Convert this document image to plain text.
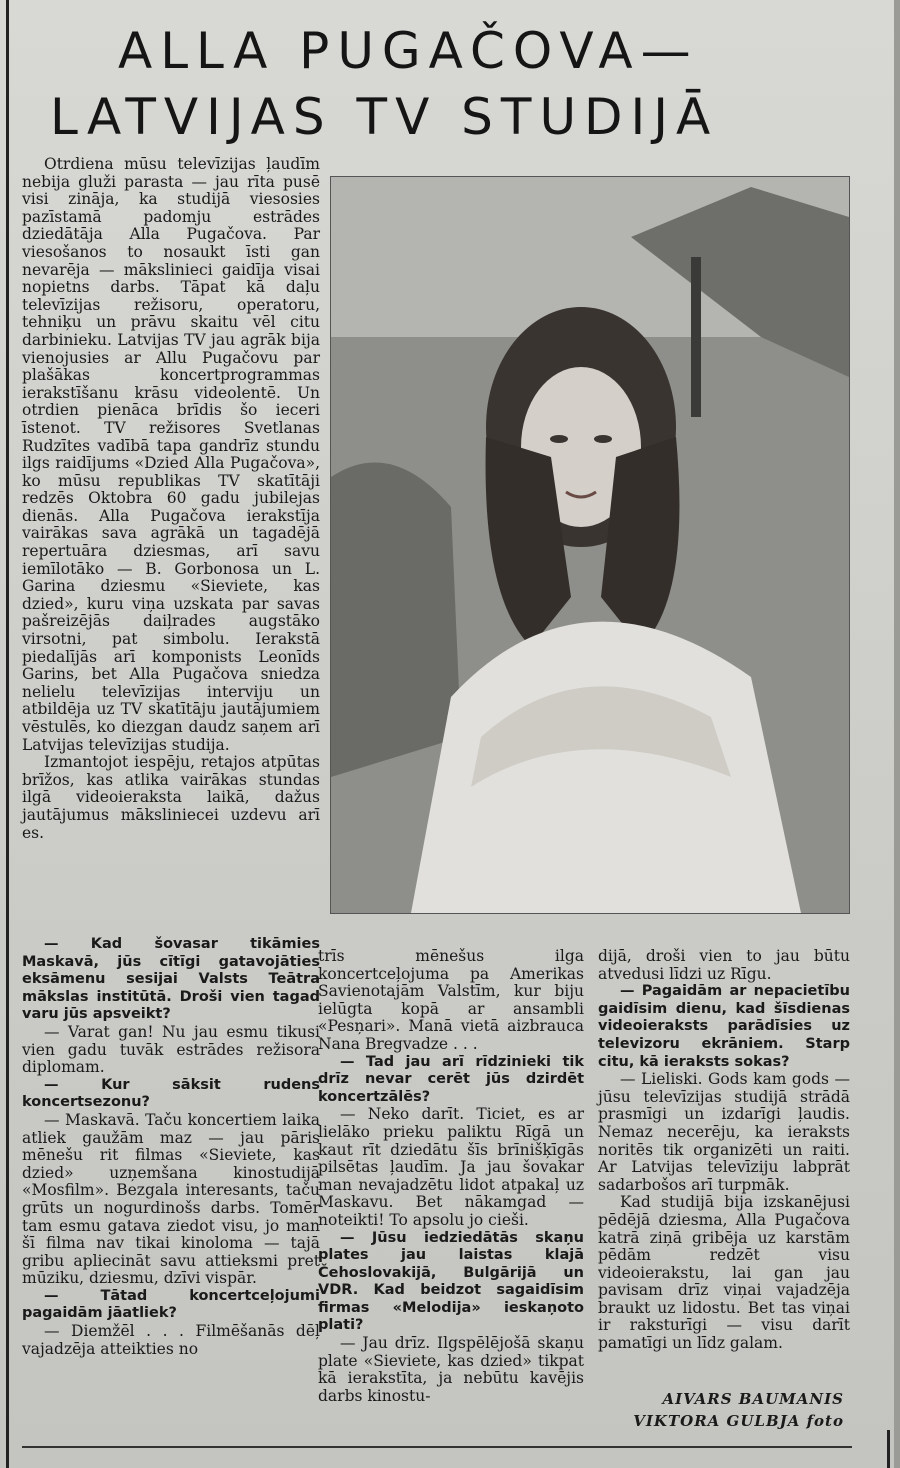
ALLA PUGAČOVA—
LATVIJAS TV STUDIJĀ

Otrdiena mūsu televīzijas ļaudīm nebija gluži parasta — jau rīta pusē visi zināja, ka studijā viesosies pazīstamā padomju estrādes dziedātāja Alla Pugačova. Par viesošanos to nosaukt īsti gan nevarēja — mākslinieci gaidīja visai nopietns darbs. Tāpat kā daļu televīzijas režisoru, operatoru, tehniķu un prāvu skaitu vēl citu darbinieku. Latvijas TV jau agrāk bija vienojusies ar Allu Pugačovu par plašākas koncertprogrammas ierakstīšanu krāsu videolentē. Un otrdien pienāca brīdis šo ieceri īstenot. TV režisores Svetlanas Rudzītes vadībā tapa gandrīz stundu ilgs raidījums «Dzied Alla Pugačova», ko mūsu republikas TV skatītāji redzēs Oktobra 60 gadu jubilejas dienās. Alla Pugačova ierakstīja vairākas sava agrākā un tagadējā repertuāra dziesmas, arī savu iemīlotāko — B. Gorbonosa un L. Garina dziesmu «Sieviete, kas dzied», kuru viņa uzskata par savas pašreizējās daiļrades augstāko virsotni, pat simbolu. Ierakstā piedalījās arī komponists Leonīds Garins, bet Alla Pugačova sniedza nelielu televīzijas interviju un atbildēja uz TV skatītāju jautājumiem vēstulēs, ko diezgan daudz saņem arī Latvijas televīzijas studija.

Izmantojot iespēju, retajos atpūtas brīžos, kas atlika vairākas stundas ilgā videoieraksta laikā, dažus jautājumus māksliniecei uzdevu arī es.

— Kad šovasar tikāmies Maskavā, jūs cītīgi gatavojāties eksāmenu sesijai Valsts Teātra mākslas institūtā. Droši vien tagad varu jūs apsveikt?

— Varat gan! Nu jau esmu tikusi vien gadu tuvāk estrādes režisora diplomam.

— Kur sāksit rudens koncertsezonu?

— Maskavā. Taču koncertiem laika atliek gaužām maz — jau pāris mēnešu rit filmas «Sieviete, kas dzied» uzņemšana kinostudijā «Mosfilm». Bezgala interesants, taču grūts un nogurdinošs darbs. Tomēr tam esmu gatava ziedot visu, jo man šī filma nav tikai kinoloma — tajā gribu apliecināt savu attieksmi pret mūziku, dziesmu, dzīvi vispār.

— Tātad koncertceļojumi pagaidām jāatliek?

— Diemžēl . . . Filmēšanās dēļ vajadzēja atteikties no

trīs mēnešus ilga koncertceļojuma pa Amerikas Savienotajām Valstīm, kur biju ielūgta kopā ar ansambli «Pesņari». Manā vietā aizbrauca Nana Bregvadze . . .

— Tad jau arī rīdzinieki tik drīz nevar cerēt jūs dzirdēt koncertzālēs?

— Neko darīt. Ticiet, es ar lielāko prieku paliktu Rīgā un kaut rīt dziedātu šīs brīnišķīgās pilsētas ļaudīm. Ja jau šovakar man nevajadzētu lidot atpakaļ uz Maskavu. Bet nākamgad — noteikti! To apsolu jo cieši.

— Jūsu iedziedātās skaņu plates jau laistas klajā Čehoslovakijā, Bulgārijā un VDR. Kad beidzot sagaidīsim firmas «Melodija» ieskaņoto plati?

— Jau drīz. Ilgspēlējošā skaņu plate «Sieviete, kas dzied» tikpat kā ierakstīta, ja nebūtu kavējis darbs kinostu-

dijā, droši vien to jau būtu atvedusi līdzi uz Rīgu.

— Pagaidām ar nepacietību gaidīsim dienu, kad šīsdienas videoieraksts parādīsies uz televizoru ekrāniem. Starp citu, kā ieraksts sokas?

— Lieliski. Gods kam gods — jūsu televīzijas studijā strādā prasmīgi un izdarīgi ļaudis. Nemaz necerēju, ka ieraksts noritēs tik organizēti un raiti. Ar Latvijas televīziju labprāt sadarbošos arī turpmāk.

Kad studijā bija izskanējusi pēdējā dziesma, Alla Pugačova katrā ziņā gribēja uz karstām pēdām redzēt visu videoierakstu, lai gan jau pavisam drīz viņai vajadzēja braukt uz lidostu. Bet tas viņai ir raksturīgi — visu darīt pamatīgi un līdz galam.

AIVARS BAUMANIS
VIKTORA GULBJA foto
